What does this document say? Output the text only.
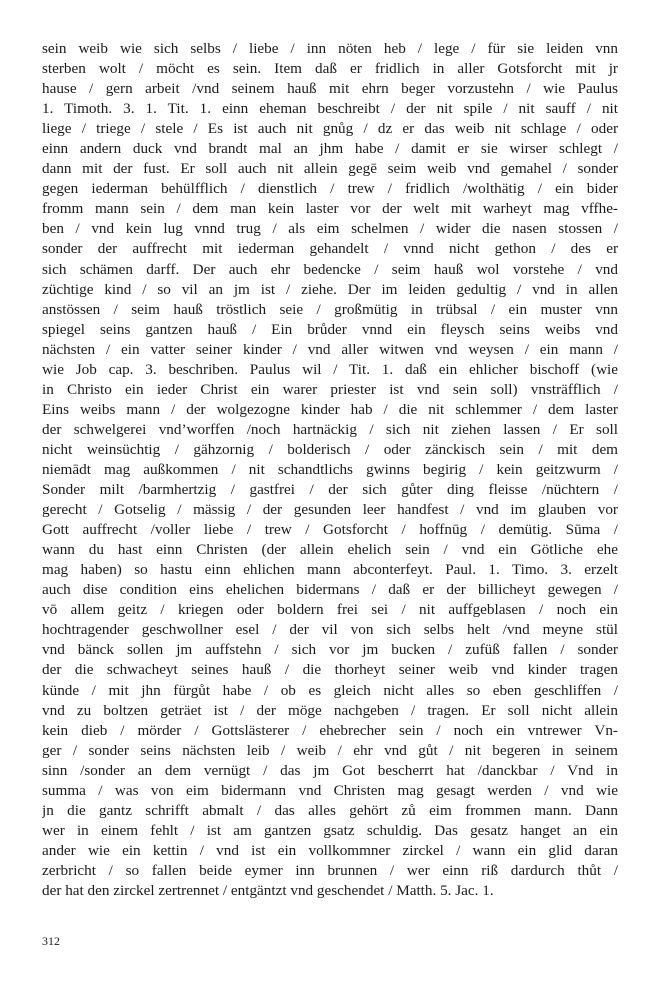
sein weib wie sich selbs / liebe / inn nöten heb / lege / für sie leiden vnn
sterben wolt / möcht es sein. Item daß er fridlich in aller Gotsforcht mit jr
hause / gern arbeit /vnd seinem hauß mit ehrn beger vorzustehn / wie Paulus
1. Timoth. 3. 1. Tit. 1. einn eheman beschreibt / der nit spile / nit sauff / nit
liege / triege / stele / Es ist auch nit gnůg / dz er das weib nit schlage / oder
einn andern duck vnd brandt mal an jhm habe / damit er sie wirser schlegt /
dann mit der fust. Er soll auch nit allein gegē seim weib vnd gemahel / sonder
gegen iederman behülfflich / dienstlich / trew / fridlich /wolthätig / ein bider
fromm mann sein / dem man kein laster vor der welt mit warheyt mag vffhe-
ben / vnd kein lug vnnd trug / als eim schelmen / wider die nasen stossen /
sonder der auffrecht mit iederman gehandelt / vnnd nicht gethon / des er
sich schämen darff. Der auch ehr bedencke / seim hauß wol vorstehe / vnd
züchtige kind / so vil an jm ist / ziehe. Der im leiden gedultig / vnd in allen
anstössen / seim hauß tröstlich seie / großmütig in trübsal / ein muster vnn
spiegel seins gantzen hauß / Ein brůder vnnd ein fleysch seins weibs vnd
nächsten / ein vatter seiner kinder / vnd aller witwen vnd weysen / ein mann /
wie Job cap. 3. beschriben. Paulus wil / Tit. 1. daß ein ehlicher bischoff (wie
in Christo ein ieder Christ ein warer priester ist vnd sein soll) vnsträfflich /
Eins weibs mann / der wolgezogne kinder hab / die nit schlemmer / dem laster
der schwelgerei vnd’worffen /noch hartnäckig / sich nit ziehen lassen / Er soll
nicht weinsüchtig / gähzornig / bolderisch / oder zänckisch sein / mit dem
niemādt mag außkommen / nit schandtlichs gwinns begirig / kein geitzwurm /
Sonder milt /barmhertzig / gastfrei / der sich gůter ding fleisse /nüchtern /
gerecht / Gotselig / mässig / der gesunden leer handfest / vnd im glauben vor
Gott auffrecht /voller liebe / trew / Gotsforcht / hoffnūg / demütig. Sūma /
wann du hast einn Christen (der allein ehelich sein / vnd ein Götliche ehe
mag haben) so hastu einn ehlichen mann abconterfeyt. Paul. 1. Timo. 3. erzelt
auch dise condition eins ehelichen bidermans / daß er der billicheyt gewegen /
vō allem geitz / kriegen oder boldern frei sei / nit auffgeblasen / noch ein
hochtragender geschwollner esel / der vil von sich selbs helt /vnd meyne stül
vnd bänck sollen jm auffstehn / sich vor jm bucken / zufüß fallen / sonder
der die schwacheyt seines hauß / die thorheyt seiner weib vnd kinder tragen
künde / mit jhn fürgůt habe / ob es gleich nicht alles so eben geschliffen /
vnd zu boltzen geträet ist / der möge nachgeben / tragen. Er soll nicht allein
kein dieb / mörder / Gottslästerer / ehebrecher sein / noch ein vntrewer Vn-
ger / sonder seins nächsten leib / weib / ehr vnd gůt / nit begeren in seinem
sinn /sonder an dem vernügt / das jm Got bescherrt hat /danckbar / Vnd in
summa / was von eim bidermann vnd Christen mag gesagt werden / vnd wie
jn die gantz schrifft abmalt / das alles gehört zů eim frommen mann. Dann
wer in einem fehlt / ist am gantzen gsatz schuldig. Das gesatz hanget an ein
ander wie ein kettin / vnd ist ein vollkommner zirckel / wann ein glid daran
zerbricht / so fallen beide eymer inn brunnen / wer einn riß dardurch thůt /
der hat den zirckel zertrennet / entgäntzt vnd geschendet / Matth. 5. Jac. 1.
312
